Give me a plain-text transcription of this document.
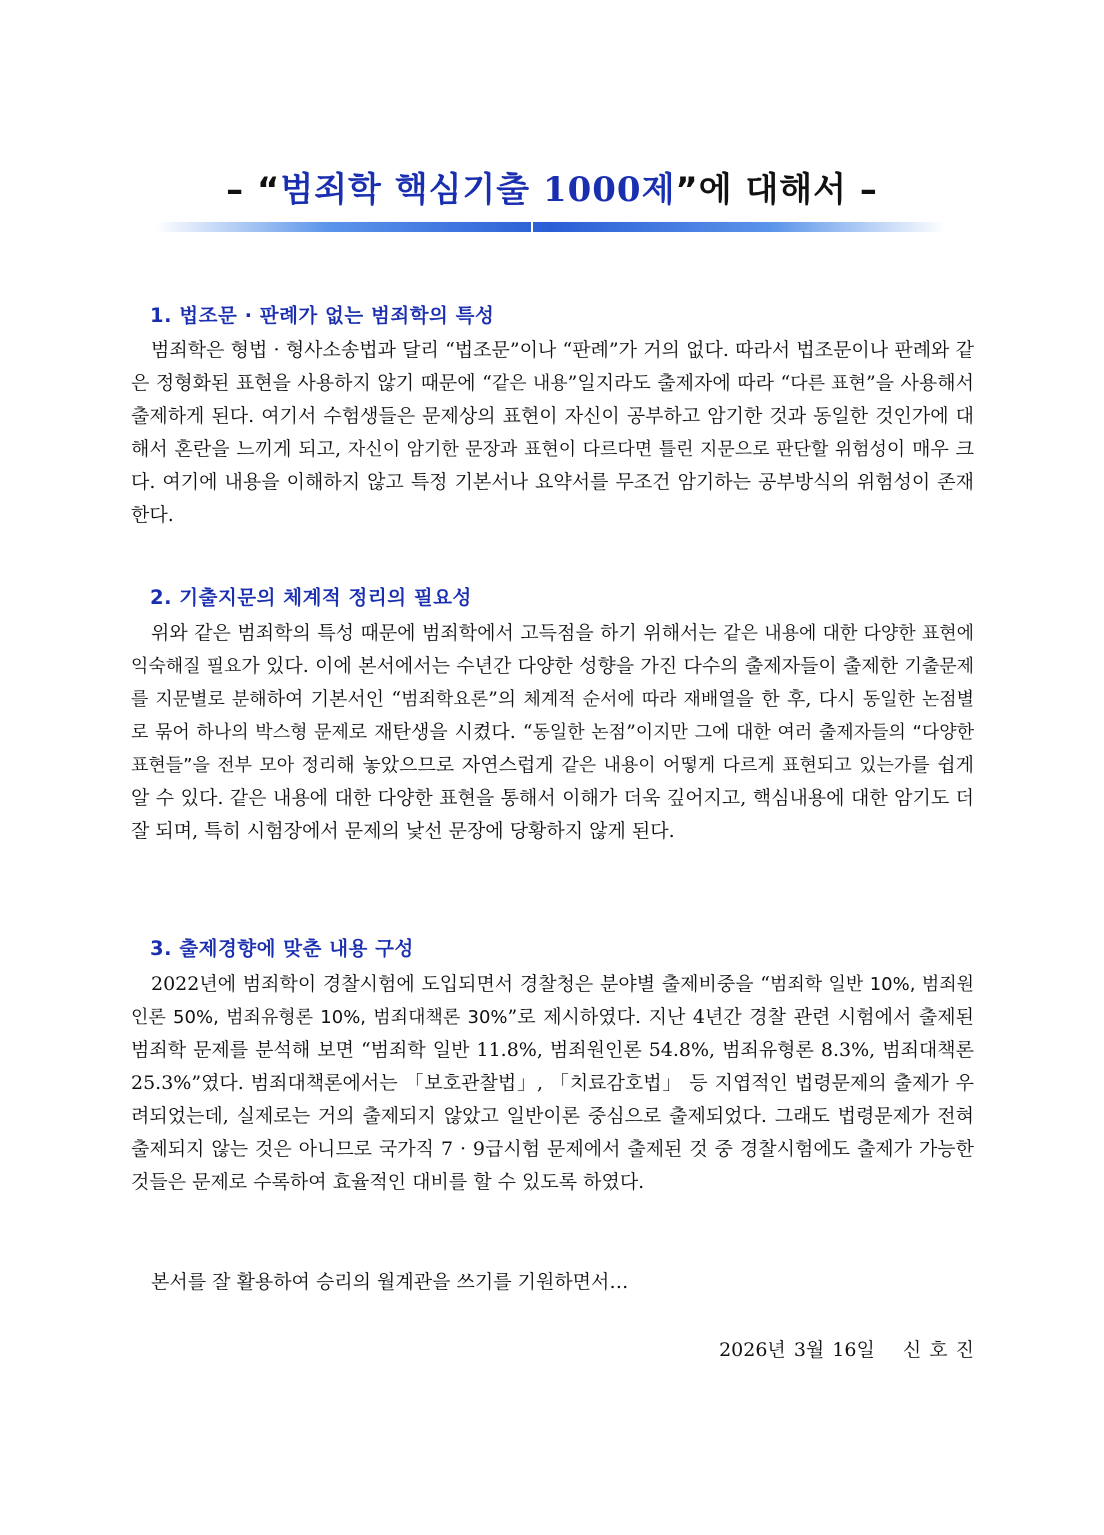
– “범죄학 핵심기출 1000제”에 대해서 –
1. 법조문 · 판례가 없는 범죄학의 특성
범죄학은 형법 · 형사소송법과 달리 “법조문”이나 “판례”가 거의 없다. 따라서 법조문이나 판례와 같은 정형화된 표현을 사용하지 않기 때문에 “같은 내용”일지라도 출제자에 따라 “다른 표현”을 사용해서 출제하게 된다. 여기서 수험생들은 문제상의 표현이 자신이 공부하고 암기한 것과 동일한 것인가에 대해서 혼란을 느끼게 되고, 자신이 암기한 문장과 표현이 다르다면 틀린 지문으로 판단할 위험성이 매우 크다. 여기에 내용을 이해하지 않고 특정 기본서나 요약서를 무조건 암기하는 공부방식의 위험성이 존재한다.
2. 기출지문의 체계적 정리의 필요성
위와 같은 범죄학의 특성 때문에 범죄학에서 고득점을 하기 위해서는 같은 내용에 대한 다양한 표현에 익숙해질 필요가 있다. 이에 본서에서는 수년간 다양한 성향을 가진 다수의 출제자들이 출제한 기출문제를 지문별로 분해하여 기본서인 “범죄학요론”의 체계적 순서에 따라 재배열을 한 후, 다시 동일한 논점별로 묶어 하나의 박스형 문제로 재탄생을 시켰다. “동일한 논점”이지만 그에 대한 여러 출제자들의 “다양한 표현들”을 전부 모아 정리해 놓았으므로 자연스럽게 같은 내용이 어떻게 다르게 표현되고 있는가를 쉽게 알 수 있다. 같은 내용에 대한 다양한 표현을 통해서 이해가 더욱 깊어지고, 핵심내용에 대한 암기도 더 잘 되며, 특히 시험장에서 문제의 낯선 문장에 당황하지 않게 된다.
3. 출제경향에 맞춘 내용 구성
2022년에 범죄학이 경찰시험에 도입되면서 경찰청은 분야별 출제비중을 “범죄학 일반 10%, 범죄원인론 50%, 범죄유형론 10%, 범죄대책론 30%”로 제시하였다. 지난 4년간 경찰 관련 시험에서 출제된 범죄학 문제를 분석해 보면 “범죄학 일반 11.8%, 범죄원인론 54.8%, 범죄유형론 8.3%, 범죄대책론 25.3%”였다. 범죄대책론에서는 「보호관찰법」, 「치료감호법」 등 지엽적인 법령문제의 출제가 우려되었는데, 실제로는 거의 출제되지 않았고 일반이론 중심으로 출제되었다. 그래도 법령문제가 전혀 출제되지 않는 것은 아니므로 국가직 7 · 9급시험 문제에서 출제된 것 중 경찰시험에도 출제가 가능한 것들은 문제로 수록하여 효율적인 대비를 할 수 있도록 하였다.
본서를 잘 활용하여 승리의 월계관을 쓰기를 기원하면서…
2026년 3월 16일 신 호 진
